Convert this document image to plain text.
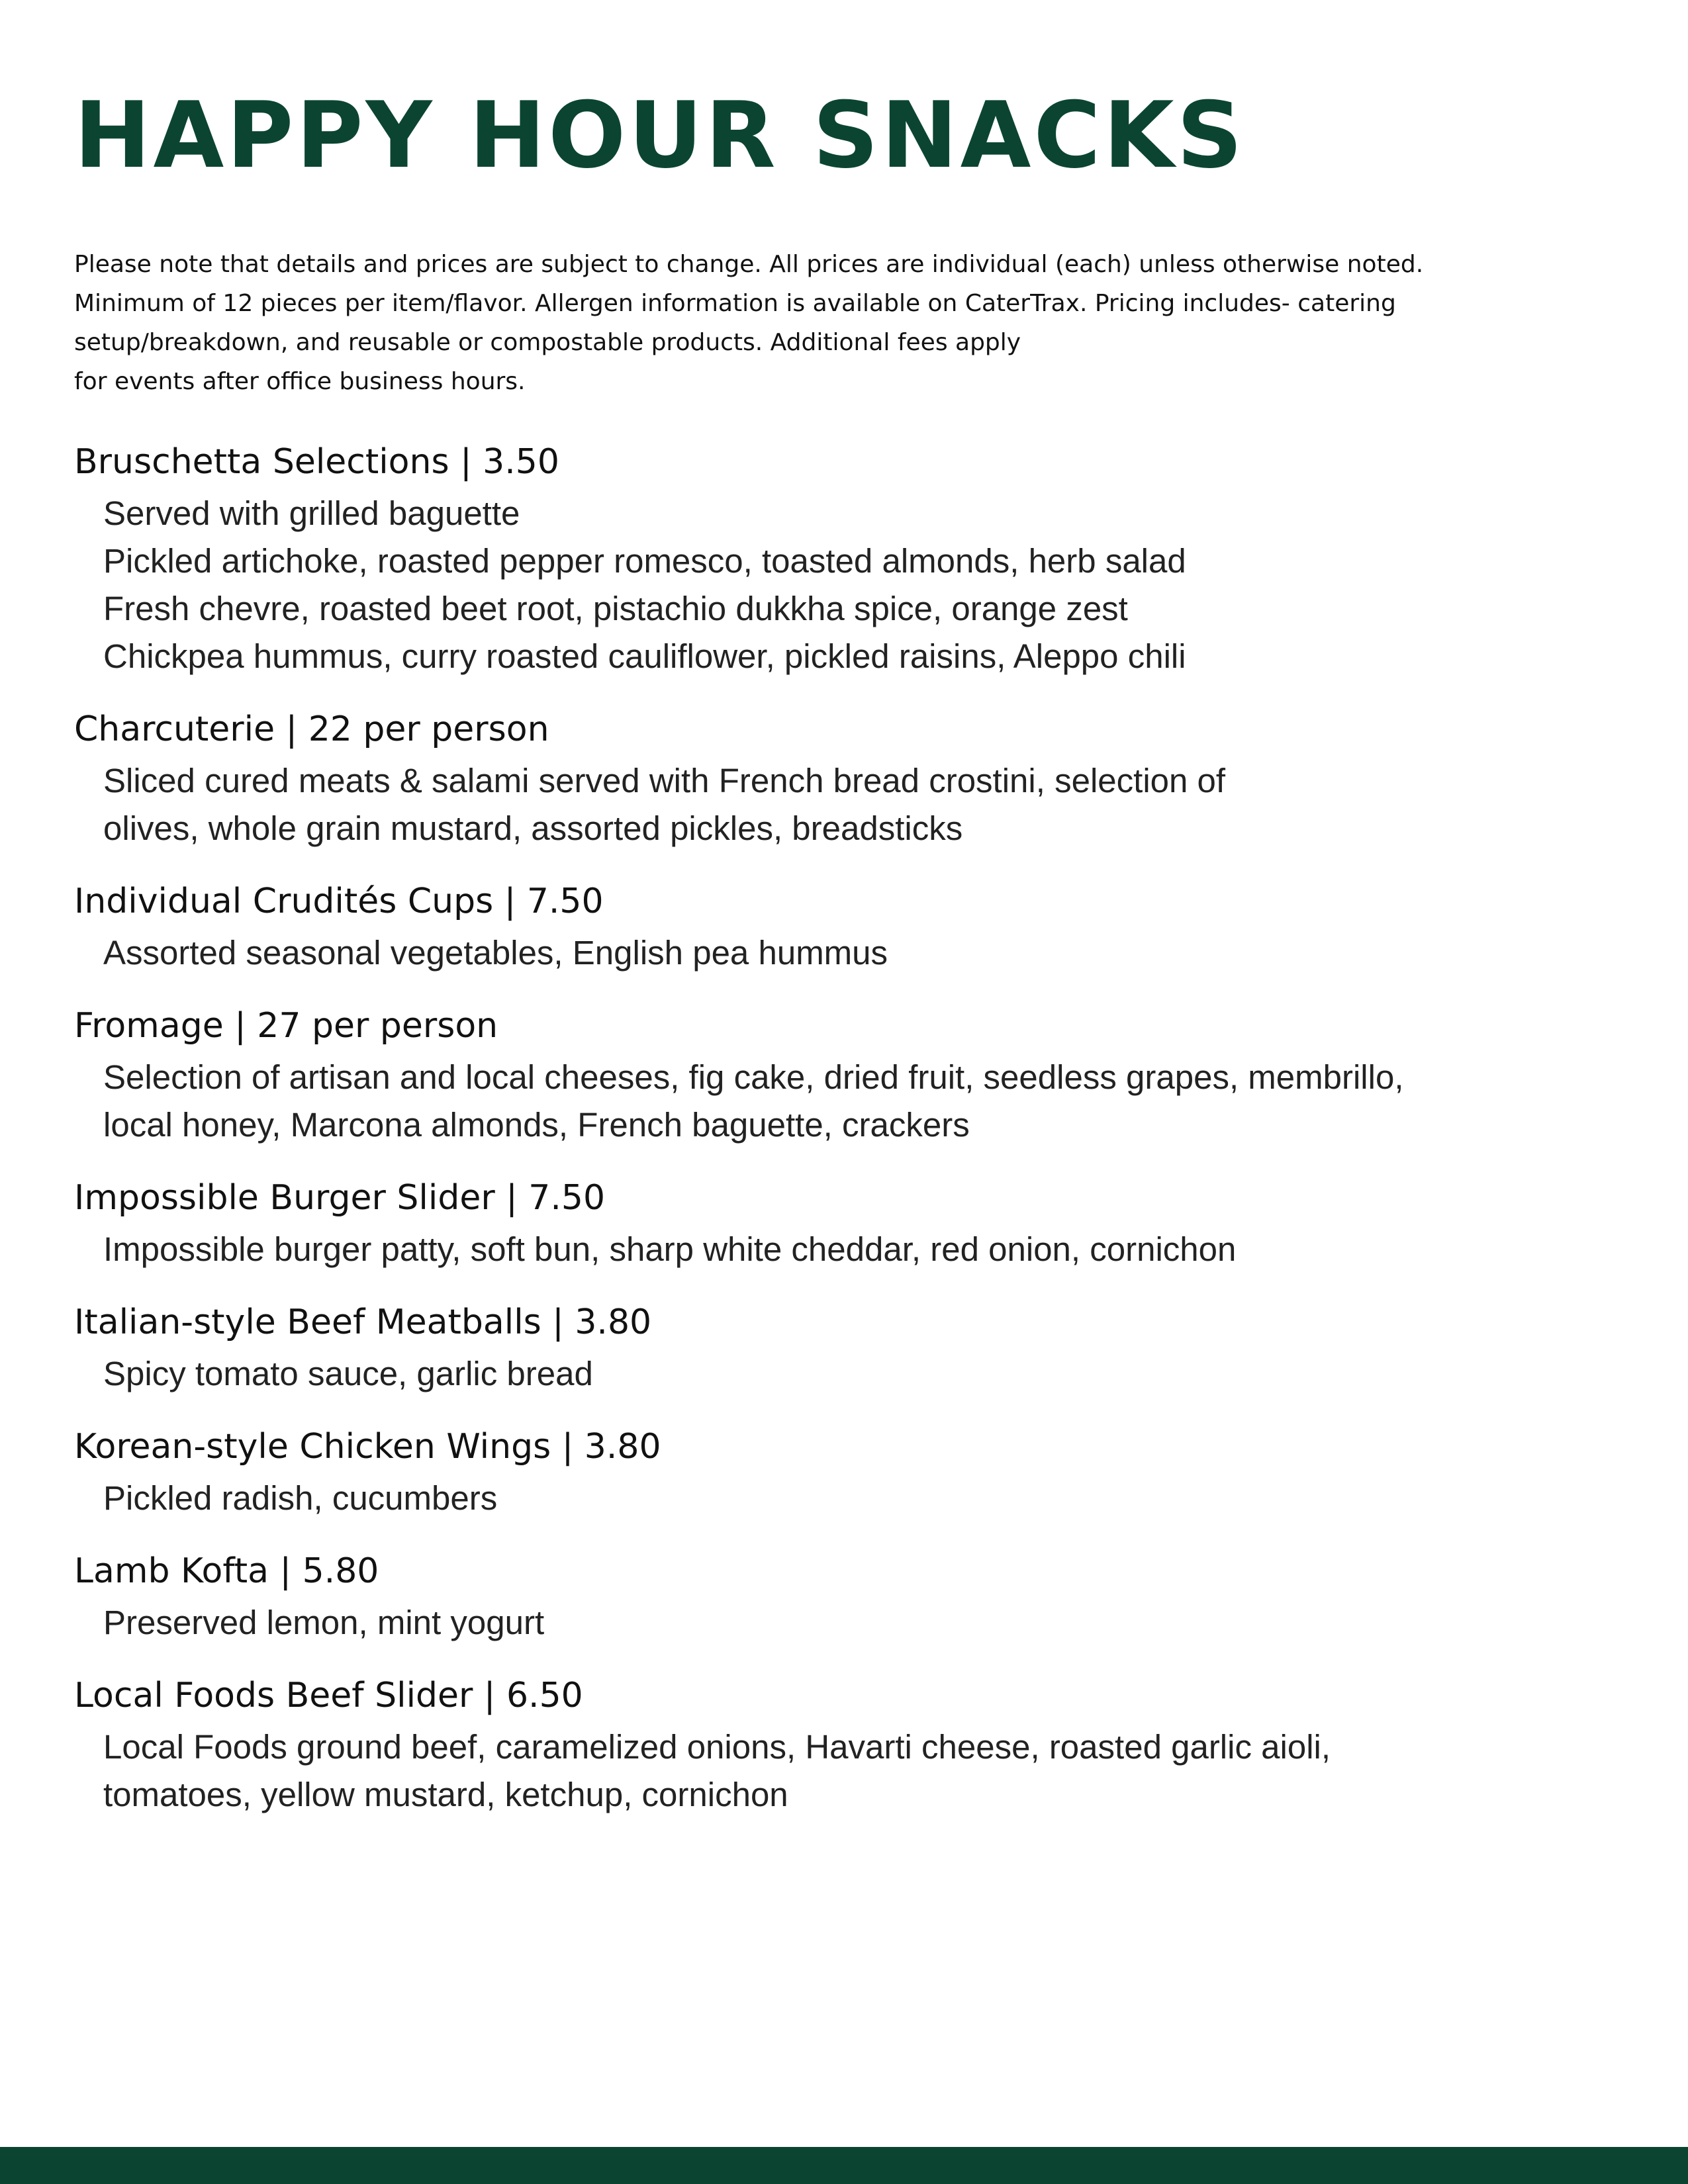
HAPPY HOUR SNACKS
Please note that details and prices are subject to change. All prices are individual (each) unless otherwise noted.
Minimum of 12 pieces per item/flavor. Allergen information is available on CaterTrax. Pricing includes- catering
setup/breakdown, and reusable or compostable products. Additional fees apply
for events after office business hours.
Bruschetta Selections | 3.50
Served with grilled baguette
Pickled artichoke, roasted pepper romesco, toasted almonds, herb salad
Fresh chevre, roasted beet root, pistachio dukkha spice, orange zest
Chickpea hummus, curry roasted cauliflower, pickled raisins, Aleppo chili
Charcuterie | 22 per person
Sliced cured meats & salami served with French bread crostini, selection of
olives, whole grain mustard, assorted pickles, breadsticks
Individual Crudités Cups | 7.50
Assorted seasonal vegetables, English pea hummus
Fromage | 27 per person
Selection of artisan and local cheeses, fig cake, dried fruit, seedless grapes, membrillo,
local honey, Marcona almonds, French baguette, crackers
Impossible Burger Slider | 7.50
Impossible burger patty, soft bun, sharp white cheddar, red onion, cornichon
Italian-style Beef Meatballs | 3.80
Spicy tomato sauce, garlic bread
Korean-style Chicken Wings | 3.80
Pickled radish, cucumbers
Lamb Kofta | 5.80
Preserved lemon, mint yogurt
Local Foods Beef Slider | 6.50
Local Foods ground beef, caramelized onions, Havarti cheese, roasted garlic aioli,
tomatoes, yellow mustard, ketchup, cornichon
